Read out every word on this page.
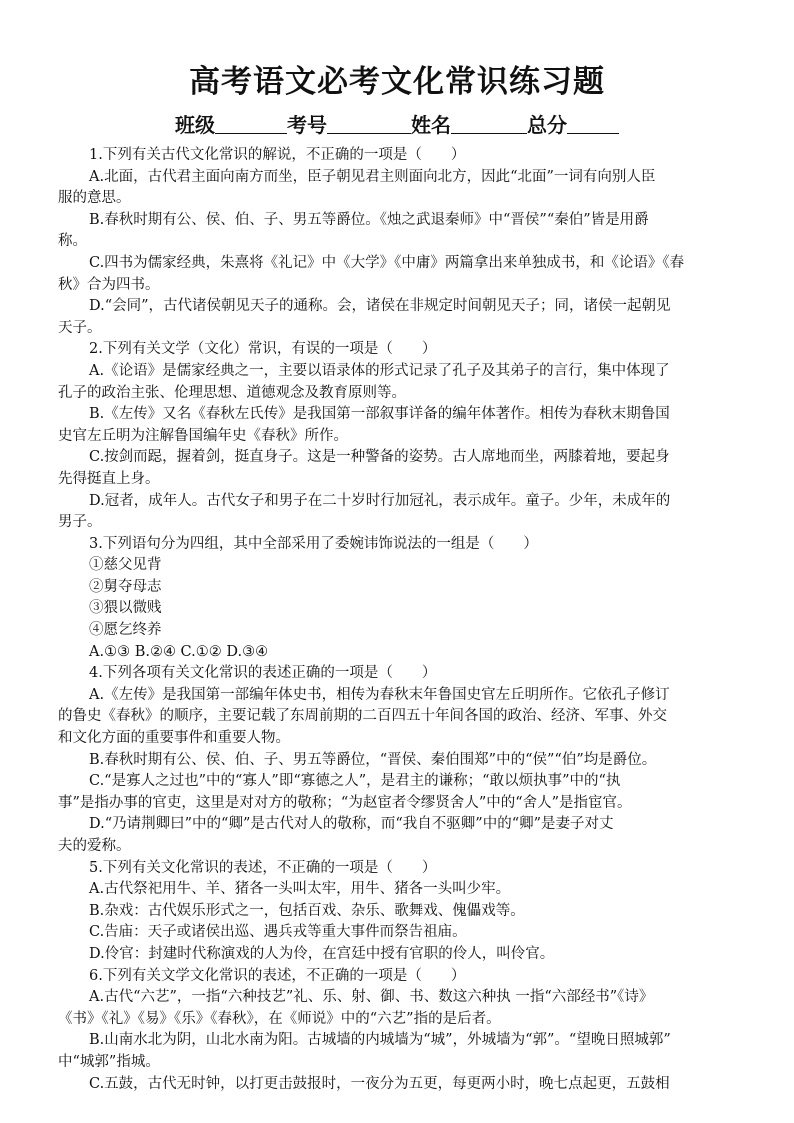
高考语文必考文化常识练习题
班级	考号	姓名	总分
1.下列有关古代文化常识的解说，不正确的一项是（　　）
A.北面，古代君主面向南方而坐，臣子朝见君主则面向北方，因此“北面”一词有向别人臣
服的意思。
B.春秋时期有公、侯、伯、子、男五等爵位。《烛之武退秦师》中“晋侯”“秦伯”皆是用爵
称。
C.四书为儒家经典，朱熹将《礼记》中《大学》《中庸》两篇拿出来单独成书，和《论语》《春
秋》合为四书。
D.“会同”，古代诸侯朝见天子的通称。会，诸侯在非规定时间朝见天子；同，诸侯一起朝见
天子。
2.下列有关文学（文化）常识，有误的一项是（　　）
A.《论语》是儒家经典之一，主要以语录体的形式记录了孔子及其弟子的言行，集中体现了
孔子的政治主张、伦理思想、道德观念及教育原则等。
B.《左传》又名《春秋左氏传》是我国第一部叙事详备的编年体著作。相传为春秋末期鲁国
史官左丘明为注解鲁国编年史《春秋》所作。
C.按剑而跽，握着剑，挺直身子。这是一种警备的姿势。古人席地而坐，两膝着地，要起身
先得挺直上身。
D.冠者，成年人。古代女子和男子在二十岁时行加冠礼，表示成年。童子。少年，未成年的
男子。
3.下列语句分为四组，其中全部采用了委婉讳饰说法的一组是（　　）
①慈父见背
②舅夺母志
③猥以微贱
④愿乞终养
A.①③ B.②④ C.①② D.③④
4.下列各项有关文化常识的表述正确的一项是（　　）
A.《左传》是我国第一部编年体史书，相传为春秋末年鲁国史官左丘明所作。它依孔子修订
的鲁史《春秋》的顺序，主要记载了东周前期的二百四五十年间各国的政治、经济、军事、外交
和文化方面的重要事件和重要人物。
B.春秋时期有公、侯、伯、子、男五等爵位，“晋侯、秦伯围郑”中的“侯”“伯”均是爵位。
C.“是寡人之过也”中的“寡人”即“寡德之人”，是君主的谦称；“敢以烦执事”中的“执
事”是指办事的官吏，这里是对对方的敬称；“为赵宦者令缪贤舍人”中的“舍人”是指宦官。
D.“乃请荆卿曰”中的“卿”是古代对人的敬称，而“我自不驱卿”中的“卿”是妻子对丈
夫的爱称。
5.下列有关文化常识的表述，不正确的一项是（　　）
A.古代祭祀用牛、羊、猪各一头叫太牢，用牛、猪各一头叫少牢。
B.杂戏：古代娱乐形式之一，包括百戏、杂乐、歌舞戏、傀儡戏等。
C.告庙：天子或诸侯出巡、遇兵戎等重大事件而祭告祖庙。
D.伶官：封建时代称演戏的人为伶，在宫廷中授有官职的伶人，叫伶官。
6.下列有关文学文化常识的表述，不正确的一项是（　　）
A.古代“六艺”，一指“六种技艺”礼、乐、射、御、书、数这六种执 一指“六部经书”《诗》
《书》《礼》《易》《乐》《春秋》，在《师说》中的“六艺”指的是后者。
B.山南水北为阴，山北水南为阳。古城墙的内城墙为“城”，外城墙为“郭”。“望晚日照城郭”
中“城郭”指城。
C.五鼓，古代无时钟，以打更击鼓报时，一夜分为五更，每更两小时，晚七点起更，五鼓相
